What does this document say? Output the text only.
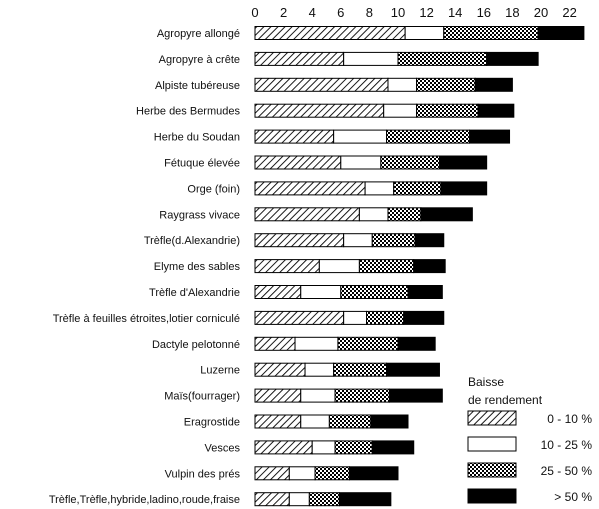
0 2 4 6 8 10 12 14 16 18 20 22
Agropyre allongé
Agropyre à crête
Alpiste tubéreuse
Herbe des Bermudes
Herbe du Soudan
Fétuque élevée
Orge (foin)
Raygrass vivace
Trèfle(d.Alexandrie)
Elyme des sables
Trèfle d'Alexandrie
Trèfle à feuilles étroites,lotier corniculé
Dactyle pelotonné
Luzerne
Maïs(fourrager)
Eragrostide
Vesces
Vulpin des prés
Trèfle,Trèfle,hybride,ladino,roude,fraise
Baisse
de rendement
0 - 10 %
10 - 25 %
25 - 50 %
> 50 %
